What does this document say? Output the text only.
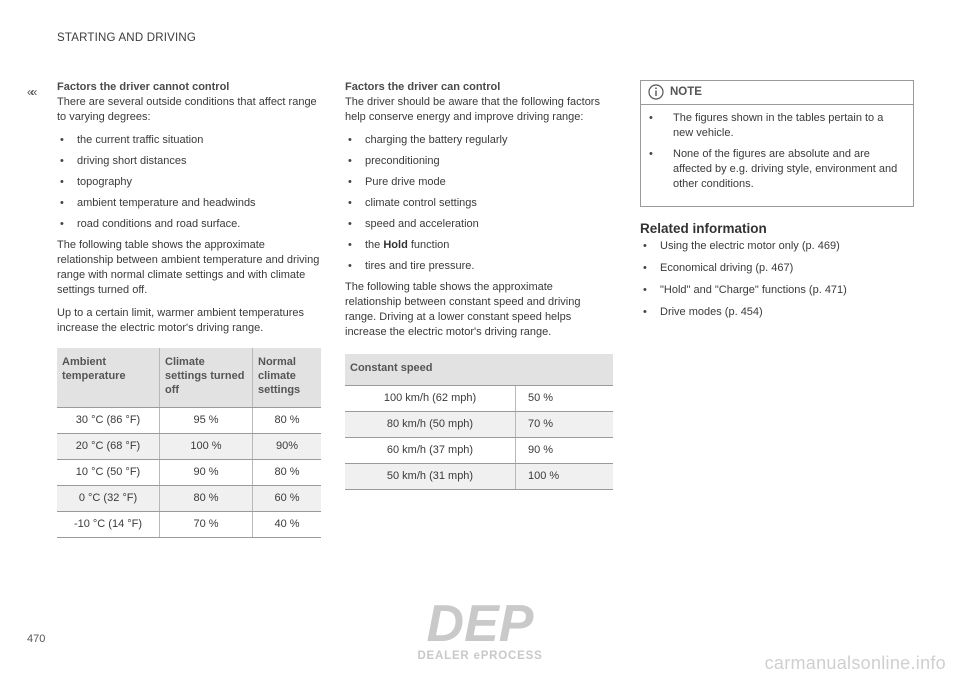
STARTING AND DRIVING
«« Factors the driver cannot control

There are several outside conditions that affect range to varying degrees:

• the current traffic situation
• driving short distances
• topography
• ambient temperature and headwinds
• road conditions and road surface.

The following table shows the approximate relationship between ambient temperature and driving range with normal climate settings and with climate settings turned off.

Up to a certain limit, warmer ambient temperatures increase the electric motor's driving range.

Ambient temperature	Climate settings turned off	Normal climate settings
30 °C (86 °F)	95 %	80 %
20 °C (68 °F)	100 %	90%
10 °C (50 °F)	90 %	80 %
0 °C (32 °F)	80 %	60 %
-10 °C (14 °F)	70 %	40 %
Factors the driver can control

The driver should be aware that the following factors help conserve energy and improve driving range:

• charging the battery regularly
• preconditioning
• Pure drive mode
• climate control settings
• speed and acceleration
• the Hold function
• tires and tire pressure.

The following table shows the approximate relationship between constant speed and driving range. Driving at a lower constant speed helps increase the electric motor's driving range.

Constant speed	
100 km/h (62 mph)	50 %
80 km/h (50 mph)	70 %
60 km/h (37 mph)	90 %
50 km/h (31 mph)	100 %
NOTE
• The figures shown in the tables pertain to a new vehicle.
• None of the figures are absolute and are affected by e.g. driving style, environment and other conditions.
Related information
• Using the electric motor only (p. 469)
• Economical driving (p. 467)
• "Hold" and "Charge" functions (p. 471)
• Drive modes (p. 454)
470	DEP
DEALER ePROCESS	carmanualsonline.info
